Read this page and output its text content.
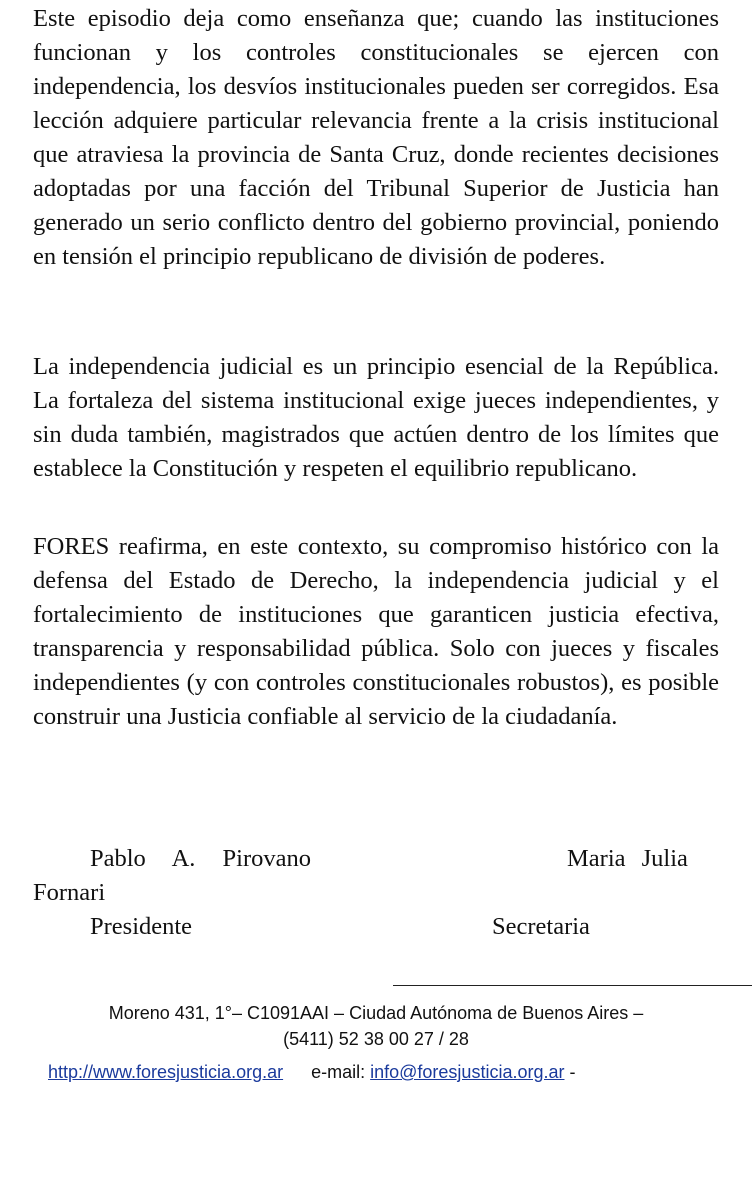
Este episodio deja como enseñanza que; cuando las instituciones funcionan y los controles constitucionales se ejercen con independencia, los desvíos institucionales pueden ser corregidos. Esa lección adquiere particular relevancia frente a la crisis institucional que atraviesa la provincia de Santa Cruz, donde recientes decisiones adoptadas por una facción del Tribunal Superior de Justicia han generado un serio conflicto dentro del gobierno provincial, poniendo en tensión el principio republicano de división de poderes.

La independencia judicial es un principio esencial de la República. La fortaleza del sistema institucional exige jueces independientes, y sin duda también, magistrados que actúen dentro de los límites que establece la Constitución y respeten el equilibrio republicano.

FORES reafirma, en este contexto, su compromiso histórico con la defensa del Estado de Derecho, la independencia judicial y el fortalecimiento de instituciones que garanticen justicia efectiva, transparencia y responsabilidad pública. Solo con jueces y fiscales independientes (y con controles constitucionales robustos), es posible construir una Justicia confiable al servicio de la ciudadanía.

Pablo A. Pirovano	Maria Julia
Fornari
Presidente	Secretaria
Moreno 431, 1°– C1091AAI – Ciudad Autónoma de Buenos Aires –
(5411) 52 38 00 27 / 28
http://www.foresjusticia.org.ar e-mail: info@foresjusticia.org.ar -
